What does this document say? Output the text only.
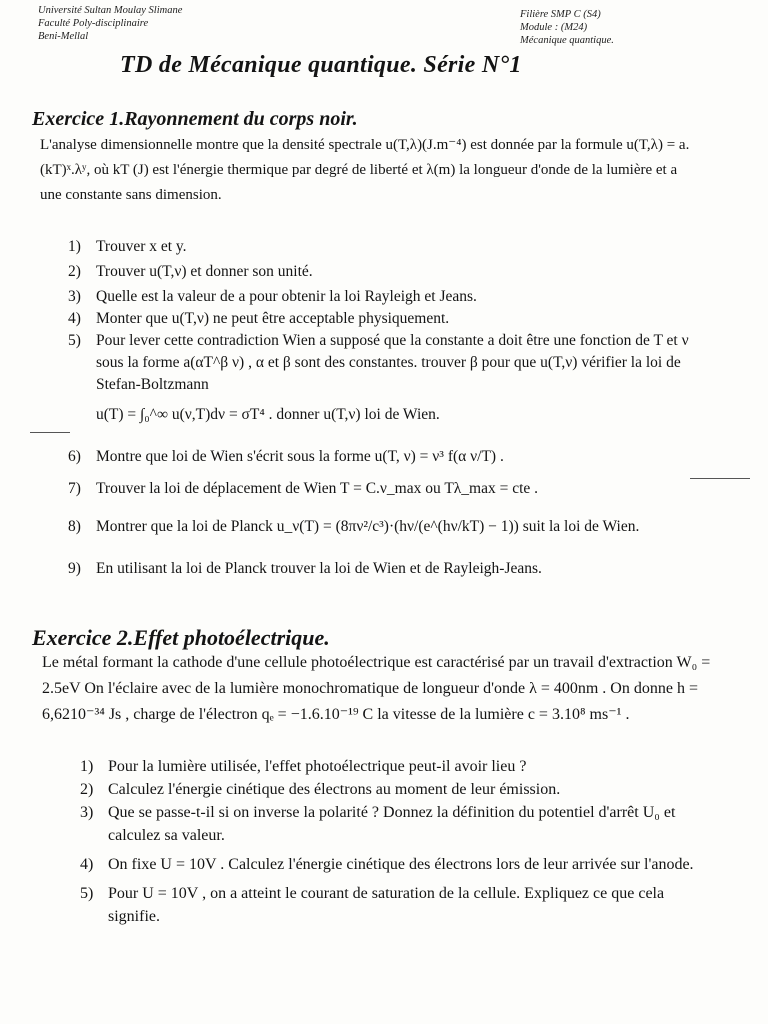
Université Sultan Moulay Slimane
Faculté Poly-disciplinaire
Beni-Mellal
Filière SMP C (S4)
Module : (M24)
Mécanique quantique.
TD de Mécanique quantique. Série N°1
Exercice 1.Rayonnement du corps noir.
L'analyse dimensionnelle montre que la densité spectrale u(T,λ)(J.m⁻⁴) est donnée par la formule u(T,λ) = a.(kT)ˣ.λʸ, où kT (J) est l'énergie thermique par degré de liberté et λ(m) la longueur d'onde de la lumière et a une constante sans dimension.
1) Trouver x et y.
2) Trouver u(T,ν) et donner son unité.
3) Quelle est la valeur de a pour obtenir la loi Rayleigh et Jeans.
4) Monter que u(T,ν) ne peut être acceptable physiquement.
5) Pour lever cette contradiction Wien a supposé que la constante a doit être une fonction de T et ν sous la forme a(αT^β ν) , α et β sont des constantes. trouver β pour que u(T,ν) vérifier la loi de Stefan-Boltzmann
u(T) = ∫₀^∞ u(ν,T)dν = σT⁴ . donner u(T,ν) loi de Wien.
6) Montre que loi de Wien s'écrit sous la forme u(T, ν) = ν³ f(α ν/T) .
7) Trouver la loi de déplacement de Wien T = C.ν_max ou Tλ_max = cte .
8) Montrer que la loi de Planck u_ν(T) = (8πν²/c³)·(hν/(e^(hν/kT) − 1)) suit la loi de Wien.
9) En utilisant la loi de Planck trouver la loi de Wien et de Rayleigh-Jeans.
Exercice 2.Effet photoélectrique.
Le métal formant la cathode d'une cellule photoélectrique est caractérisé par un travail d'extraction W₀ = 2.5eV On l'éclaire avec de la lumière monochromatique de longueur d'onde λ = 400nm . On donne h = 6,6210⁻³⁴ Js , charge de l'électron qₑ = −1.6.10⁻¹⁹ C la vitesse de la lumière c = 3.10⁸ ms⁻¹ .
1) Pour la lumière utilisée, l'effet photoélectrique peut-il avoir lieu ?
2) Calculez l'énergie cinétique des électrons au moment de leur émission.
3) Que se passe-t-il si on inverse la polarité ? Donnez la définition du potentiel d'arrêt U₀ et calculez sa valeur.
4) On fixe U = 10V . Calculez l'énergie cinétique des électrons lors de leur arrivée sur l'anode.
5) Pour U = 10V , on a atteint le courant de saturation de la cellule. Expliquez ce que cela signifie.
